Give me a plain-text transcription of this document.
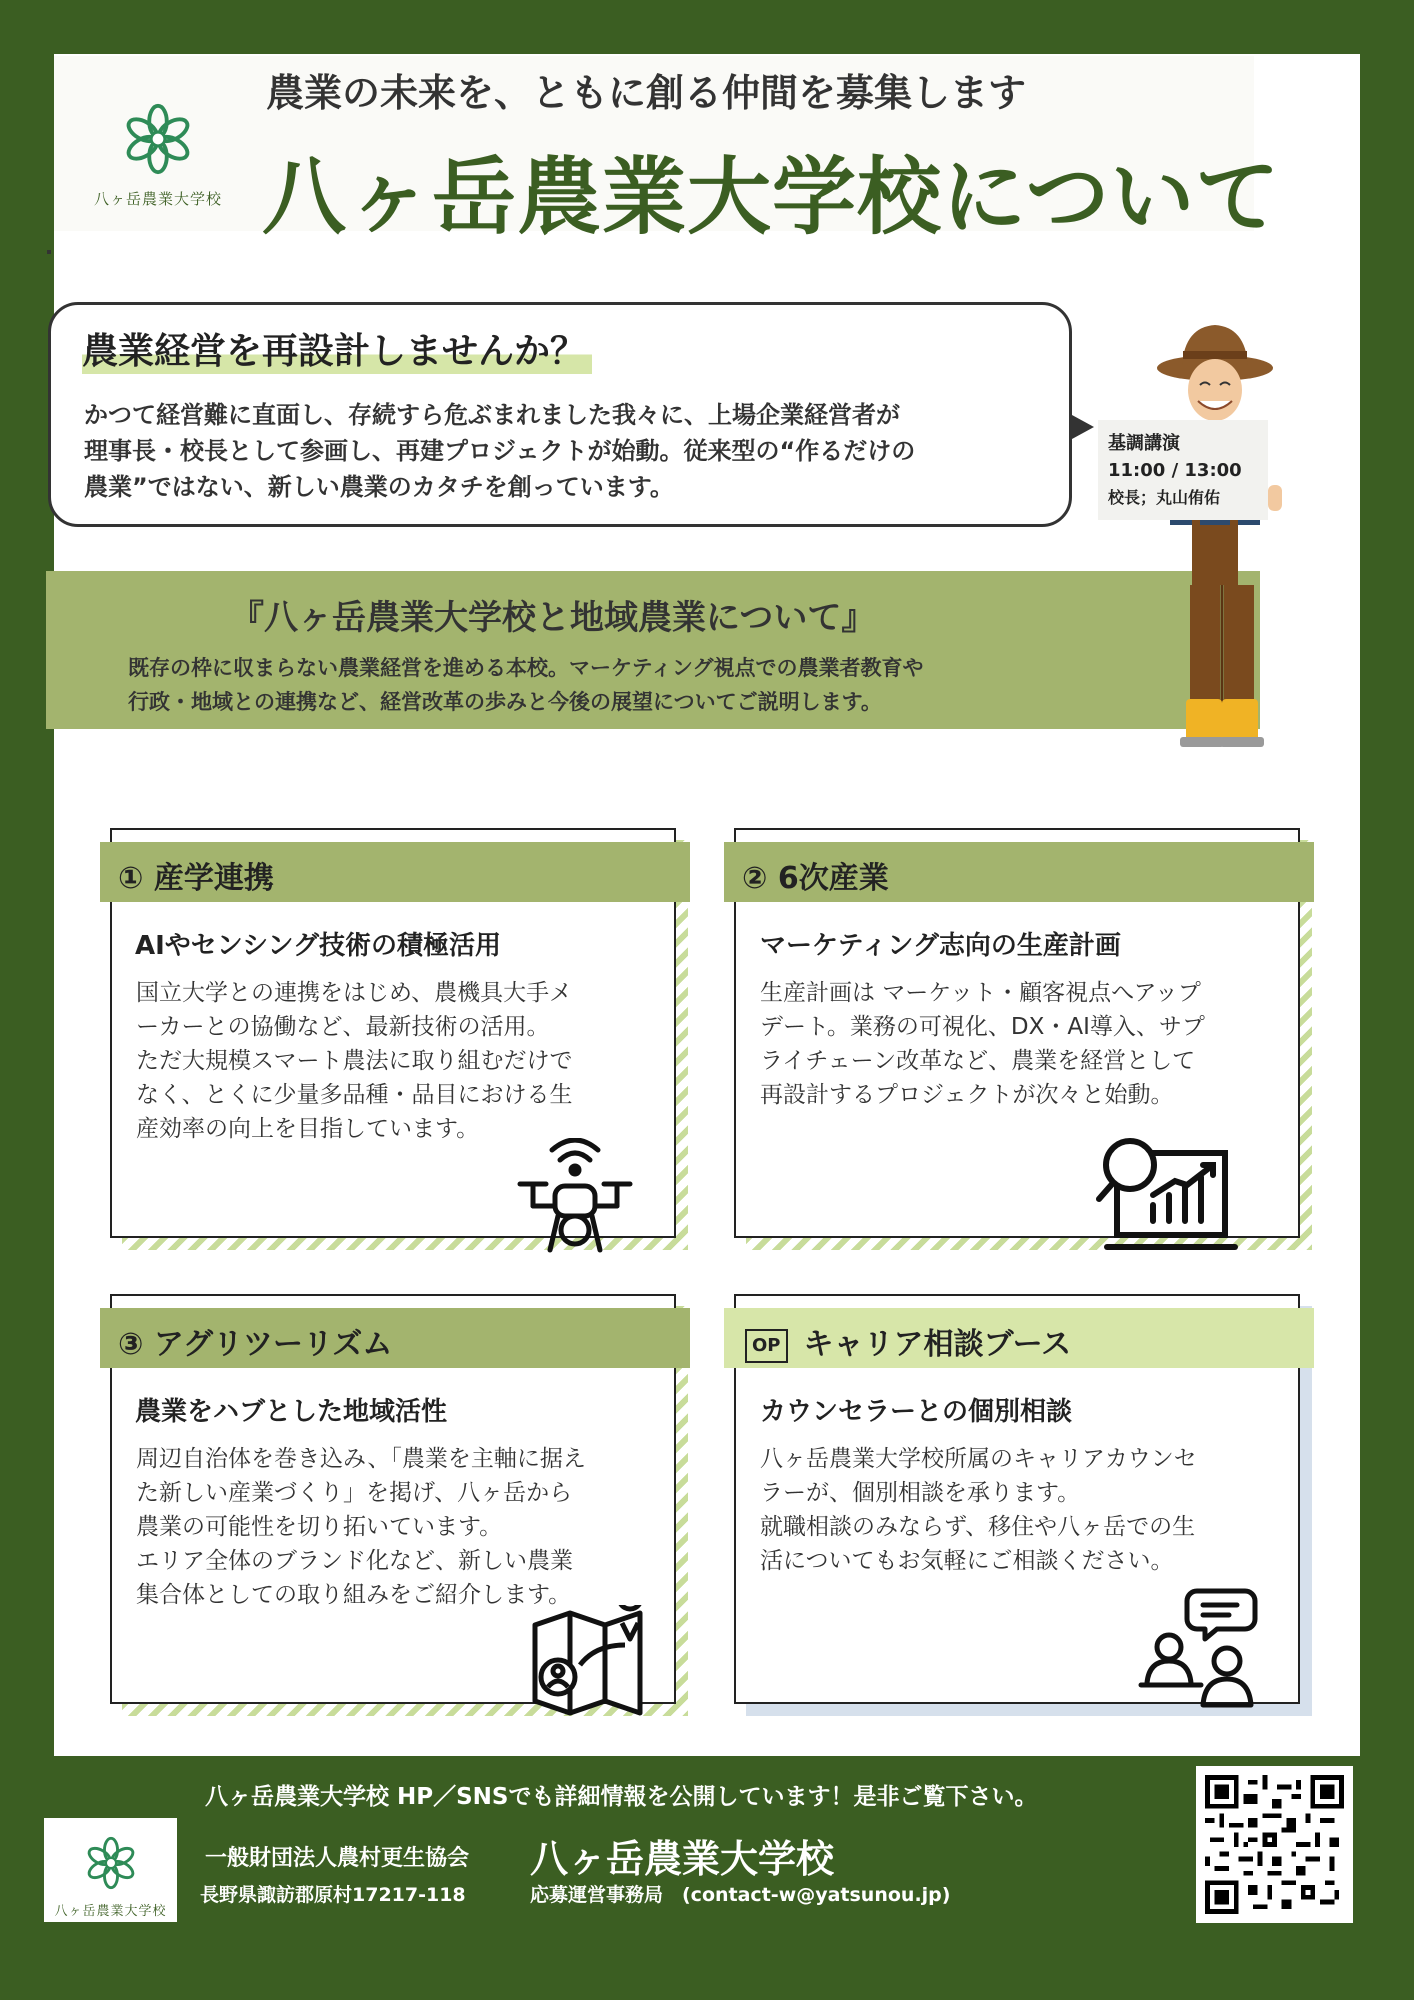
八ヶ岳農業大学校
農業の未来を、ともに創る仲間を募集します
八ヶ岳農業大学校について
農業経営を再設計しませんか？
かつて経営難に直面し、存続すら危ぶまれました我々に、上場企業経営者が
理事長・校長として参画し、再建プロジェクトが始動。従来型の“作るだけの
農業”ではない、新しい農業のカタチを創っています。
『八ヶ岳農業大学校と地域農業について』
既存の枠に収まらない農業経営を進める本校。マーケティング視点での農業者教育や
行政・地域との連携など、経営改革の歩みと今後の展望についてご説明します。
基調講演
11:00 / 13:00
校長；丸山侑佑
① 産学連携
AIやセンシング技術の積極活用
国立大学との連携をはじめ、農機具大手メ
ーカーとの協働など、最新技術の活用。
ただ大規模スマート農法に取り組むだけで
なく、とくに少量多品種・品目における生
産効率の向上を目指しています。
② 6次産業
マーケティング志向の生産計画
生産計画は マーケット・顧客視点へアップ
デート。業務の可視化、DX・AI導入、サプ
ライチェーン改革など、農業を経営として
再設計するプロジェクトが次々と始動。
③ アグリツーリズム
農業をハブとした地域活性
周辺自治体を巻き込み、「農業を主軸に据え
た新しい産業づくり」を掲げ、八ヶ岳から
農業の可能性を切り拓いています。
エリア全体のブランド化など、新しい農業
集合体としての取り組みをご紹介します。
OP キャリア相談ブース
カウンセラーとの個別相談
八ヶ岳農業大学校所属のキャリアカウンセ
ラーが、個別相談を承ります。
就職相談のみならず、移住や八ヶ岳での生
活についてもお気軽にご相談ください。
八ヶ岳農業大学校 HP／SNSでも詳細情報を公開しています！是非ご覧下さい。
八ヶ岳農業大学校
一般財団法人農村更生協会 八ヶ岳農業大学校
長野県諏訪郡原村17217-118	応募運営事務局　(contact-w@yatsunou.jp)
